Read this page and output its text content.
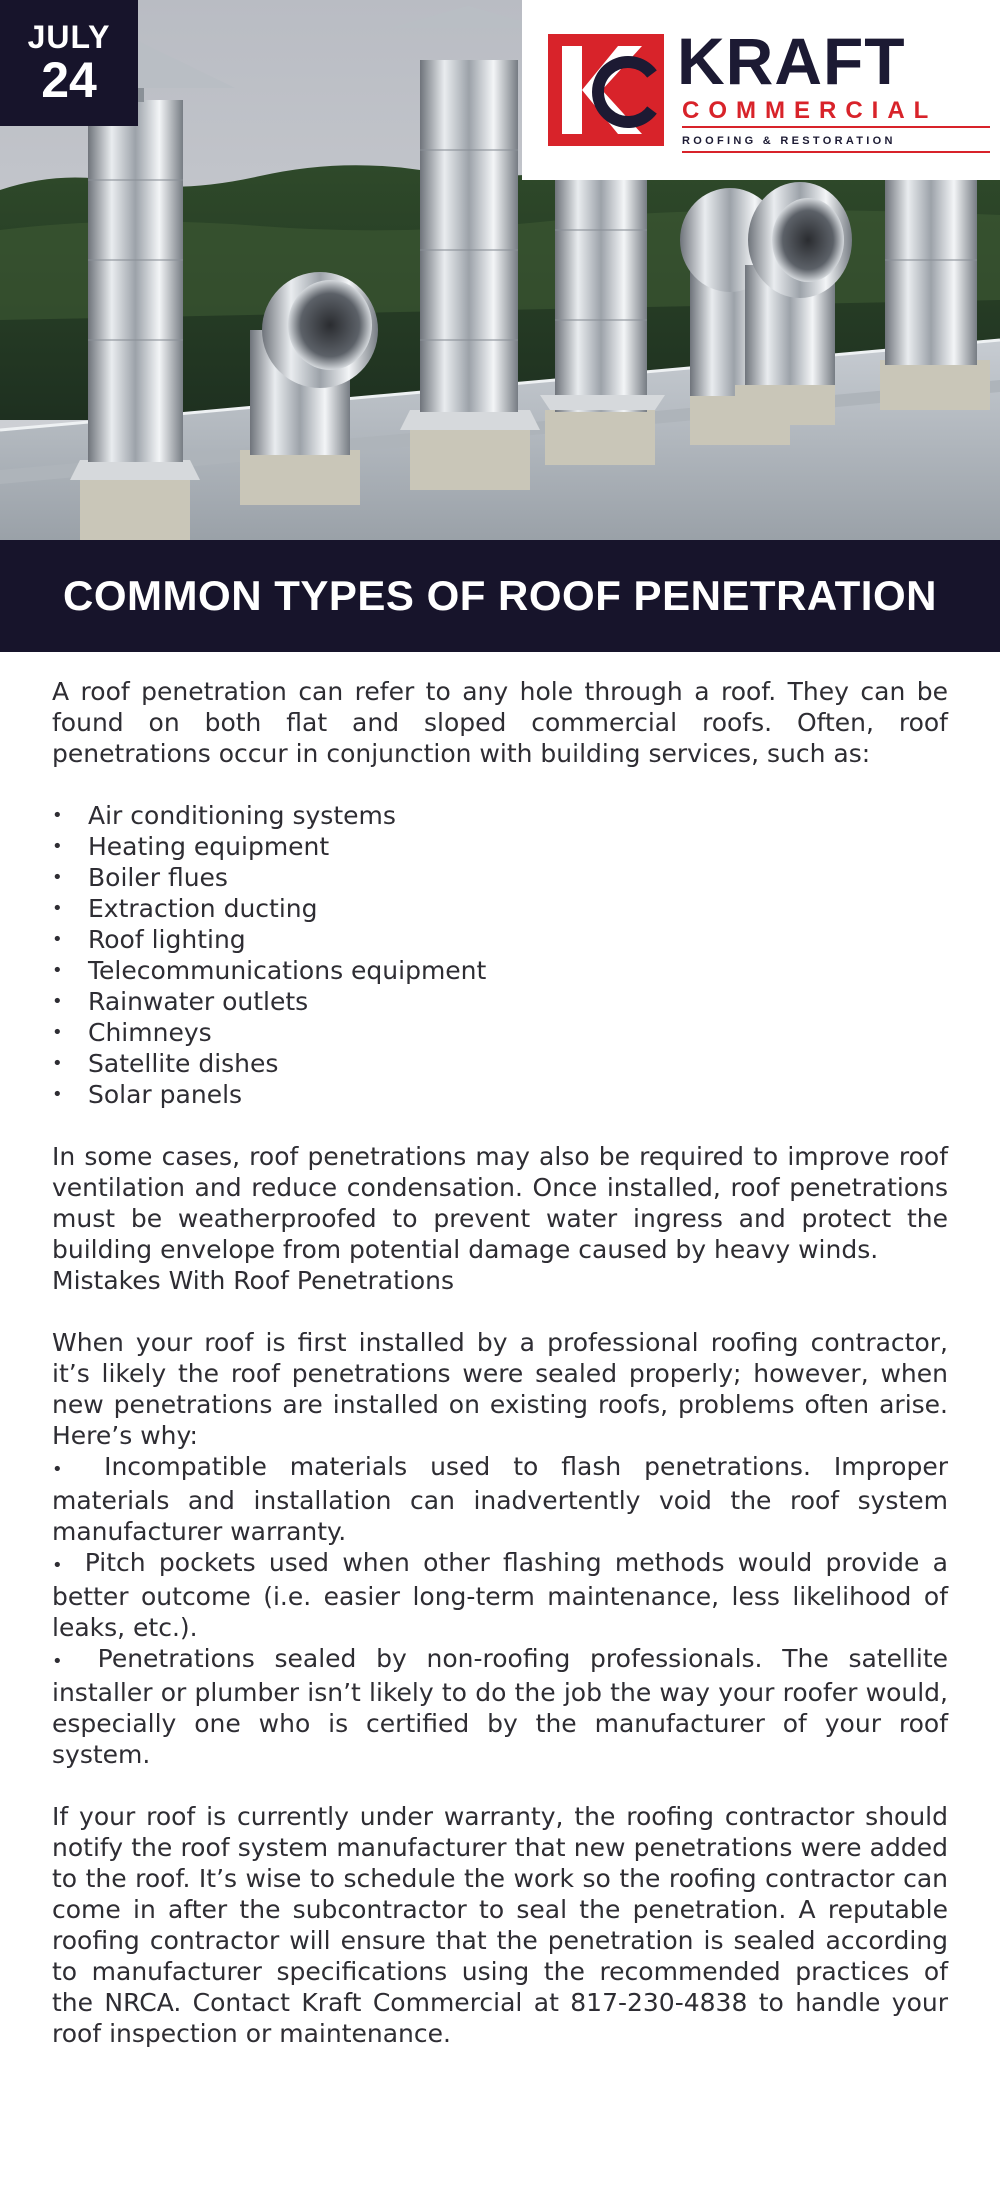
JULY
24	KRAFT
COMMERCIAL
ROOFING & RESTORATION
COMMON TYPES OF ROOF PENETRATION

A roof penetration can refer to any hole through a roof. They can be found on both flat and sloped commercial roofs. Often, roof penetrations occur in conjunction with building services, such as:

• Air conditioning systems
• Heating equipment
• Boiler flues
• Extraction ducting
• Roof lighting
• Telecommunications equipment
• Rainwater outlets
• Chimneys
• Satellite dishes
• Solar panels

In some cases, roof penetrations may also be required to improve roof ventilation and reduce condensation. Once installed, roof penetrations must be weatherproofed to prevent water ingress and protect the building envelope from potential damage caused by heavy winds.

Mistakes With Roof Penetrations

When your roof is first installed by a professional roofing contractor, it’s likely the roof penetrations were sealed properly; however, when new penetrations are installed on existing roofs, problems often arise. Here’s why:

•  Incompatible materials used to flash penetrations. Improper materials and installation can inadvertently void the roof system manufacturer warranty.

•  Pitch pockets used when other flashing methods would provide a better outcome (i.e. easier long-term maintenance, less likelihood of leaks, etc.).

•  Penetrations sealed by non-roofing professionals. The satellite installer or plumber isn’t likely to do the job the way your roofer would, especially one who is certified by the manufacturer of your roof system.

If your roof is currently under warranty, the roofing contractor should notify the roof system manufacturer that new penetrations were added to the roof. It’s wise to schedule the work so the roofing contractor can come in after the subcontractor to seal the penetration. A reputable roofing contractor will ensure that the penetration is sealed according to manufacturer specifications using the recommended practices of the NRCA. Contact Kraft Commercial at 817-230-4838 to handle your roof inspection or maintenance.
